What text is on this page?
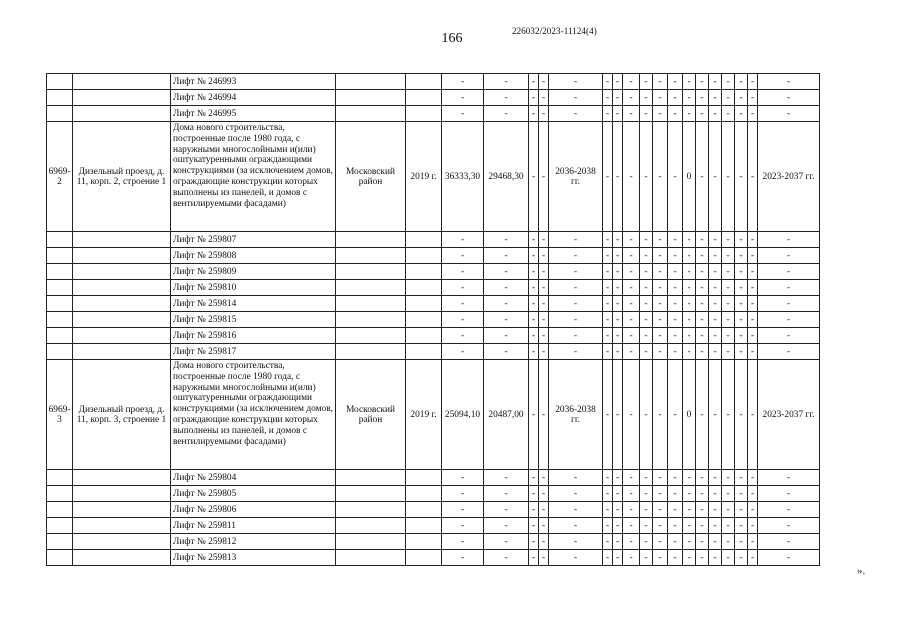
166	226032/2023-11124(4)
		Лифт № 246993			-	-	-	-	-	-	-	-	-	-	-	-	-	-	-	-	-	-
		Лифт № 246994			-	-	-	-	-	-	-	-	-	-	-	-	-	-	-	-	-	-
		Лифт № 246995			-	-	-	-	-	-	-	-	-	-	-	-	-	-	-	-	-	-
6969-2	Дизельный проезд, д. 11, корп. 2, строение 1	Дома нового строительства, построенные после 1980 года, с наружными многослойными и(или) оштукатуренными ограждающими конструкциями (за исключением домов, ограждающие конструкции которых выполнены из панелей, и домов с вентилируемыми фасадами)	Московский район	2019 г.	36333,30	29468,30	-	-	2036-2038 гг.	-	-	-	-	-	-	0	-	-	-	-	-	2023-2037 гг.
		Лифт № 259807			-	-	-	-	-	-	-	-	-	-	-	-	-	-	-	-	-	-
		Лифт № 259808			-	-	-	-	-	-	-	-	-	-	-	-	-	-	-	-	-	-
		Лифт № 259809			-	-	-	-	-	-	-	-	-	-	-	-	-	-	-	-	-	-
		Лифт № 259810			-	-	-	-	-	-	-	-	-	-	-	-	-	-	-	-	-	-
		Лифт № 259814			-	-	-	-	-	-	-	-	-	-	-	-	-	-	-	-	-	-
		Лифт № 259815			-	-	-	-	-	-	-	-	-	-	-	-	-	-	-	-	-	-
		Лифт № 259816			-	-	-	-	-	-	-	-	-	-	-	-	-	-	-	-	-	-
		Лифт № 259817			-	-	-	-	-	-	-	-	-	-	-	-	-	-	-	-	-	-
6969-3	Дизельный проезд, д. 11, корп. 3, строение 1	Дома нового строительства, построенные после 1980 года, с наружными многослойными и(или) оштукатуренными ограждающими конструкциями (за исключением домов, ограждающие конструкции которых выполнены из панелей, и домов с вентилируемыми фасадами)	Московский район	2019 г.	25094,10	20487,00	-	-	2036-2038 гг.	-	-	-	-	-	-	0	-	-	-	-	-	2023-2037 гг.
		Лифт № 259804			-	-	-	-	-	-	-	-	-	-	-	-	-	-	-	-	-	-
		Лифт № 259805			-	-	-	-	-	-	-	-	-	-	-	-	-	-	-	-	-	-
		Лифт № 259806			-	-	-	-	-	-	-	-	-	-	-	-	-	-	-	-	-	-
		Лифт № 259811			-	-	-	-	-	-	-	-	-	-	-	-	-	-	-	-	-	-
		Лифт № 259812			-	-	-	-	-	-	-	-	-	-	-	-	-	-	-	-	-	-
		Лифт № 259813			-	-	-	-	-	-	-	-	-	-	-	-	-	-	-	-	-	-
».
